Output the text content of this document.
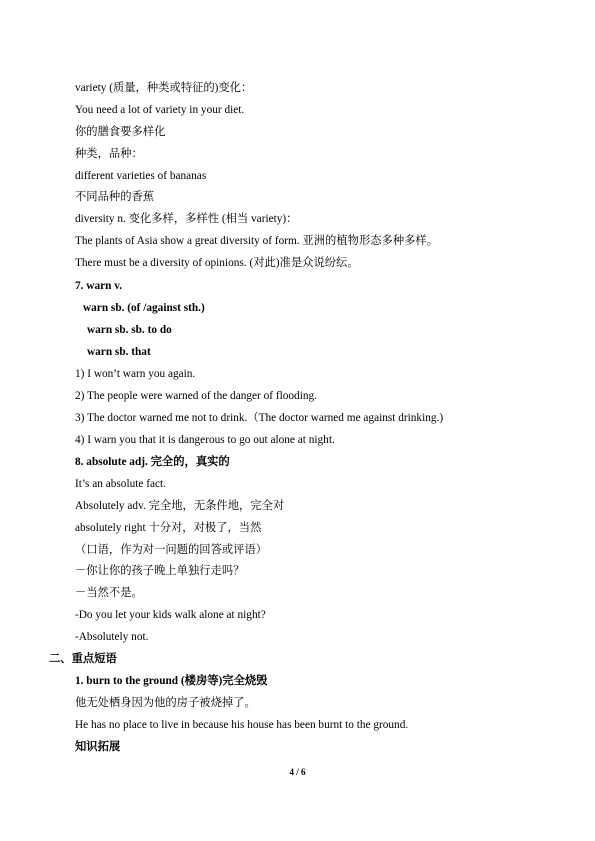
variety (质量，种类或特征的)变化：
You need a lot of variety in your diet.
你的膳食要多样化
种类，品种：
different varieties of bananas
不同品种的香蕉
diversity n. 变化多样，多样性 (相当 variety)：
The plants of Asia show a great diversity of form. 亚洲的植物形态多种多样。
There must be a diversity of opinions. (对此)准是众说纷纭。
7. warn v.
warn sb. (of /against sth.)
warn sb. sb. to do
warn sb. that
1) I won’t warn you again.
2) The people were warned of the danger of flooding.
3) The doctor warned me not to drink.（The doctor warned me against drinking.)
4) I warn you that it is dangerous to go out alone at night.
8. absolute adj. 完全的，真实的
It’s an absolute fact.
Absolutely adv. 完全地，无条件地，完全对
absolutely right 十分对，对极了，当然
（口语，作为对一问题的回答或评语）
－你让你的孩子晚上单独行走吗？
－当然不是。
-Do you let your kids walk alone at night?
-Absolutely not.
二、重点短语
1. burn to the ground (楼房等)完全烧毁
他无处栖身因为他的房子被烧掉了。
He has no place to live in because his house has been burnt to the ground.
知识拓展
4 / 6
